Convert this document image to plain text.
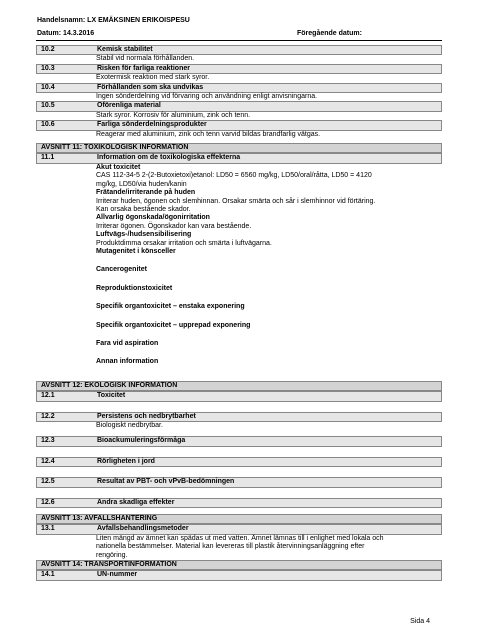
Handelsnamn: LX EMÄKSINEN ERIKOISPESU
Datum: 14.3.2016	Föregående datum:
10.2	Kemisk stabilitet
Stabil vid normala förhållanden.
10.3	Risken för farliga reaktioner
Exotermisk reaktion med stark syror.
10.4	Förhållanden som ska undvikas
Ingen sönderdelning vid förvaring och användning enligt anvisningarna.
10.5	Oförenliga material
Stark syror. Korrosiv för aluminium, zink och tenn.
10.6	Farliga sönderdelningsprodukter
Reagerar med aluminium, zink och tenn varvid bildas brandfarlig vätgas.
AVSNITT 11: TOXIKOLOGISK INFORMATION
11.1	Information om de toxikologiska effekterna
Akut toxicitet
CAS 112-34-5 2-(2-Butoxietoxi)etanol: LD50 = 6560 mg/kg, LD50/oral/råtta, LD50 = 4120
mg/kg, LD50/via huden/kanin
Frätande/irriterande på huden
Irriterar huden, ögonen och slemhinnan. Orsakar smärta och sår i slemhinnor vid förtäring.
Kan orsaka bestående skador.
Allvarlig ögonskada/ögonirritation
Irriterar ögonen. Ögonskador kan vara bestående.
Luftvägs-/hudsensibilisering
Produktdimma orsakar irritation och smärta i luftvägarna.
Mutagenitet i könsceller
Cancerogenitet
Reproduktionstoxicitet
Specifik organtoxicitet – enstaka exponering
Specifik organtoxicitet – upprepad exponering
Fara vid aspiration
Annan information
AVSNITT 12: EKOLOGISK INFORMATION
12.1	Toxicitet
12.2	Persistens och nedbrytbarhet
Biologiskt nedbrytbar.
12.3	Bioackumuleringsförmåga
12.4	Rörligheten i jord
12.5	Resultat av PBT- och vPvB-bedömningen
12.6	Andra skadliga effekter
AVSNITT 13: AVFALLSHANTERING
13.1	Avfallsbehandlingsmetoder
Liten mängd av ämnet kan spädas ut med vatten. Ämnet lämnas till i enlighet med lokala och
nationella bestämmelser. Material kan levereras till plastik återvinningsanläggning efter
rengöring.
AVSNITT 14: TRANSPORTINFORMATION
14.1	UN-nummer
Sida 4
